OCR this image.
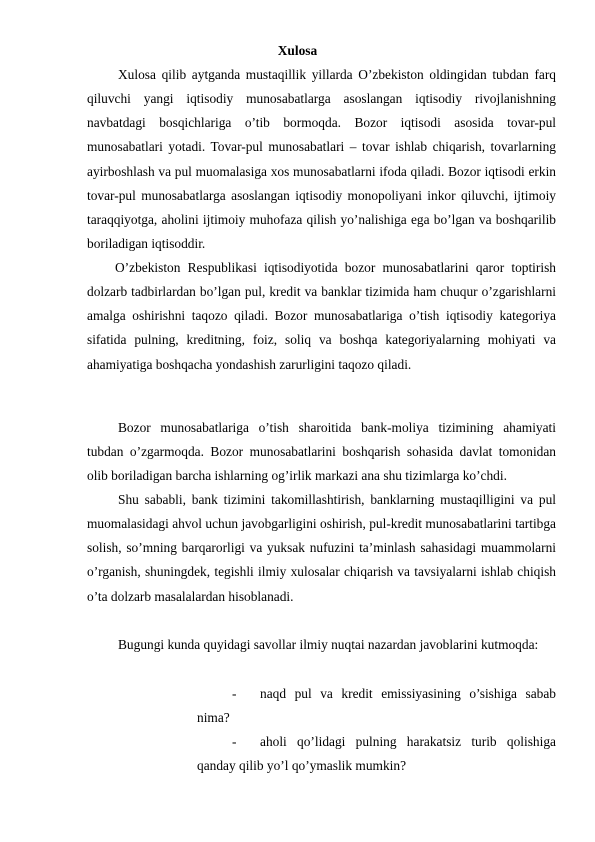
Xulosa

Xulosa qilib aytganda mustaqillik yillarda O’zbekiston oldingidan tubdan farq qiluvchi yangi iqtisodiy munosabatlarga asoslangan iqtisodiy rivojlanishning navbatdagi bosqichlariga o’tib bormoqda. Bozor iqtisodi asosida tovar-pul munosabatlari yotadi. Tovar-pul munosabatlari – tovar ishlab chiqarish, tovarlarning ayirboshlash va pul muomalasiga xos munosabatlarni ifoda qiladi. Bozor iqtisodi erkin tovar-pul munosabatlarga asoslangan iqtisodiy monopoliyani inkor qiluvchi, ijtimoiy taraqqiyotga, aholini ijtimoiy muhofaza qilish yo’nalishiga ega bo’lgan va boshqarilib boriladigan iqtisoddir.

O’zbekiston Respublikasi iqtisodiyotida bozor munosabatlarini qaror toptirish dolzarb tadbirlardan bo’lgan pul, kredit va banklar tizimida ham chuqur o’zgarishlarni amalga oshirishni taqozo qiladi. Bozor munosabatlariga o’tish iqtisodiy kategoriya sifatida pulning, kreditning, foiz, soliq va boshqa kategoriyalarning mohiyati va ahamiyatiga boshqacha yondashish zarurligini taqozo qiladi.

Bozor munosabatlariga o’tish sharoitida bank-moliya tizimining ahamiyati tubdan o’zgarmoqda. Bozor munosabatlarini boshqarish sohasida davlat tomonidan olib boriladigan barcha ishlarning og’irlik markazi ana shu tizimlarga ko’chdi.

Shu sababli, bank tizimini takomillashtirish, banklarning mustaqilligini va pul muomalasidagi ahvol uchun javobgarligini oshirish, pul-kredit munosabatlarini tartibga solish, so’mning barqarorligi va yuksak nufuzini ta’minlash sahasidagi muammolarni o’rganish, shuningdek, tegishli ilmiy xulosalar chiqarish va tavsiyalarni ishlab chiqish o’ta dolzarb masalalardan hisoblanadi.

Bugungi kunda quyidagi savollar ilmiy nuqtai nazardan javoblarini kutmoqda:

- naqd pul va kredit emissiyasining o’sishiga sabab nima?

- aholi qo’lidagi pulning harakatsiz turib qolishiga qanday qilib yo’l qo’ymaslik mumkin?
